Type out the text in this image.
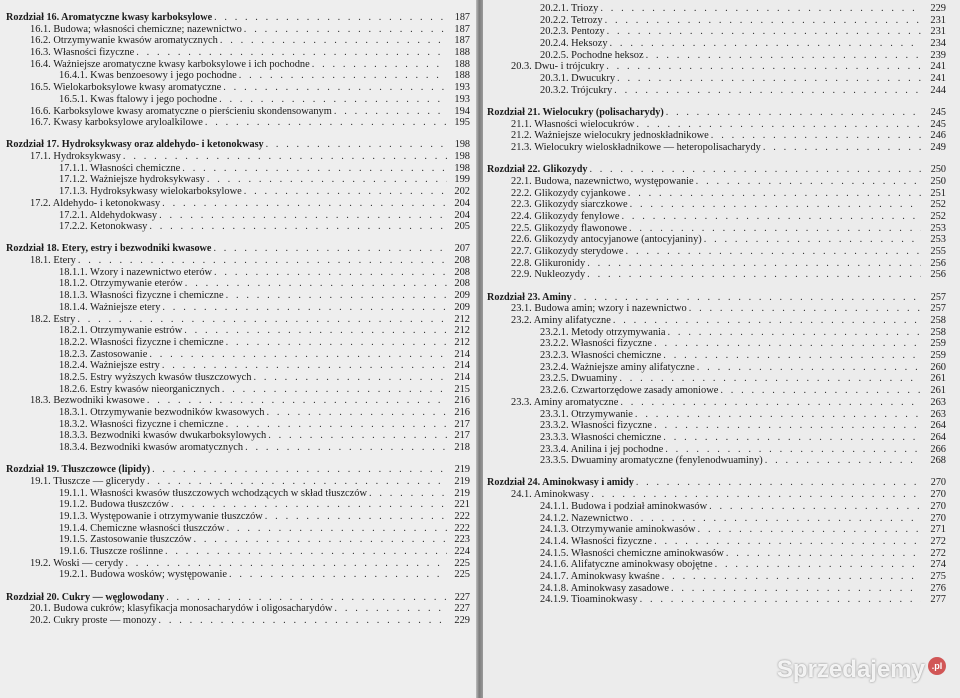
Rozdział 16. Aromatyczne kwasy karboksylowe . . .	187
16.1. Budowa; własności chemiczne; nazewnictwo . . .	187
16.2. Otrzymywanie kwasów aromatycznych . . .	187
16.3. Własności fizyczne . . .	188
16.4. Ważniejsze aromatyczne kwasy karboksylowe i ich pochodne . . .	188
16.4.1. Kwas benzoesowy i jego pochodne . . .	188
16.5. Wielokarboksylowe kwasy aromatyczne . . .	193
16.5.1. Kwas ftalowy i jego pochodne . . .	193
16.6. Karboksylowe kwasy aromatyczne o pierścieniu skondensowanym . . .	194
16.7. Kwasy karboksylowe aryloalkilowe . . .	195
Rozdział 17. Hydroksykwasy oraz aldehydo- i ketonokwasy . . .	198
17.1. Hydroksykwasy . . .	198
17.1.1. Własności chemiczne . . .	198
17.1.2. Ważniejsze hydroksykwasy . . .	199
17.1.3. Hydroksykwasy wielokarboksylowe . . .	202
17.2. Aldehydo- i ketonokwasy . . .	204
17.2.1. Aldehydokwasy . . .	204
17.2.2. Ketonokwasy . . .	205
Rozdział 18. Etery, estry i bezwodniki kwasowe . . .	207
18.1. Etery . . .	208
18.1.1. Wzory i nazewnictwo eterów . . .	208
18.1.2. Otrzymywanie eterów . . .	208
18.1.3. Własności fizyczne i chemiczne . . .	209
18.1.4. Ważniejsze etery . . .	209
18.2. Estry . . .	212
18.2.1. Otrzymywanie estrów . . .	212
18.2.2. Własności fizyczne i chemiczne . . .	212
18.2.3. Zastosowanie . . .	214
18.2.4. Ważniejsze estry . . .	214
18.2.5. Estry wyższych kwasów tłuszczowych . . .	214
18.2.6. Estry kwasów nieorganicznych . . .	215
18.3. Bezwodniki kwasowe . . .	216
18.3.1. Otrzymywanie bezwodników kwasowych . . .	216
18.3.2. Własności fizyczne i chemiczne . . .	217
18.3.3. Bezwodniki kwasów dwukarboksylowych . . .	217
18.3.4. Bezwodniki kwasów aromatycznych . . .	218
Rozdział 19. Tłuszczowce (lipidy) . . .	219
19.1. Tłuszcze — glicerydy . . .	219
19.1.1. Własności kwasów tłuszczowych wchodzących w skład tłuszczów . . .	219
19.1.2. Budowa tłuszczów . . .	221
19.1.3. Występowanie i otrzymywanie tłuszczów . . .	222
19.1.4. Chemiczne własności tłuszczów . . .	222
19.1.5. Zastosowanie tłuszczów . . .	223
19.1.6. Tłuszcze roślinne . . .	224
19.2. Woski — cerydy . . .	225
19.2.1. Budowa wosków; występowanie . . .	225
Rozdział 20. Cukry — węglowodany . . .	227
20.1. Budowa cukrów; klasyfikacja monosacharydów i oligosacharydów . . .	227
20.2. Cukry proste — monozy . . .	229
20.2.1. Triozy . . .	229
20.2.2. Tetrozy . . .	231
20.2.3. Pentozy . . .	231
20.2.4. Heksozy . . .	234
20.2.5. Pochodne heksoz . . .	239
20.3. Dwu- i trójcukry . . .	241
20.3.1. Dwucukry . . .	241
20.3.2. Trójcukry . . .	244
Rozdział 21. Wielocukry (polisacharydy) . . .	245
21.1. Własności wielocukrów . . .	245
21.2. Ważniejsze wielocukry jednoskładnikowe . . .	246
21.3. Wielocukry wieloskładnikowe — heteropolisacharydy . . .	249
Rozdział 22. Glikozydy . . .	250
22.1. Budowa, nazewnictwo, występowanie . . .	250
22.2. Glikozydy cyjankowe . . .	251
22.3. Glikozydy siarczkowe . . .	252
22.4. Glikozydy fenylowe . . .	252
22.5. Glikozydy flawonowe . . .	253
22.6. Glikozydy antocyjanowe (antocyjaniny) . . .	253
22.7. Glikozydy sterydowe . . .	255
22.8. Glikuronidy . . .	256
22.9. Nukleozydy . . .	256
Rozdział 23. Aminy . . .	257
23.1. Budowa amin; wzory i nazewnictwo . . .	257
23.2. Aminy alifatyczne . . .	258
23.2.1. Metody otrzymywania . . .	258
23.2.2. Własności fizyczne . . .	259
23.2.3. Własności chemiczne . . .	259
23.2.4. Ważniejsze aminy alifatyczne . . .	260
23.2.5. Dwuaminy . . .	261
23.2.6. Czwartorzędowe zasady amoniowe . . .	261
23.3. Aminy aromatyczne . . .	263
23.3.1. Otrzymywanie . . .	263
23.3.2. Własności fizyczne . . .	264
23.3.3. Własności chemiczne . . .	264
23.3.4. Anilina i jej pochodne . . .	266
23.3.5. Dwuaminy aromatyczne (fenylenodwuaminy) . . .	268
Rozdział 24. Aminokwasy i amidy . . .	270
24.1. Aminokwasy . . .	270
24.1.1. Budowa i podział aminokwasów . . .	270
24.1.2. Nazewnictwo . . .	270
24.1.3. Otrzymywanie aminokwasów . . .	271
24.1.4. Własności fizyczne . . .	272
24.1.5. Własności chemiczne aminokwasów . . .	272
24.1.6. Alifatyczne aminokwasy obojętne . . .	274
24.1.7. Aminokwasy kwaśne . . .	275
24.1.8. Aminokwasy zasadowe . . .	276
24.1.9. Tioaminokwasy . . .	277
Sprzedajemy .pl
